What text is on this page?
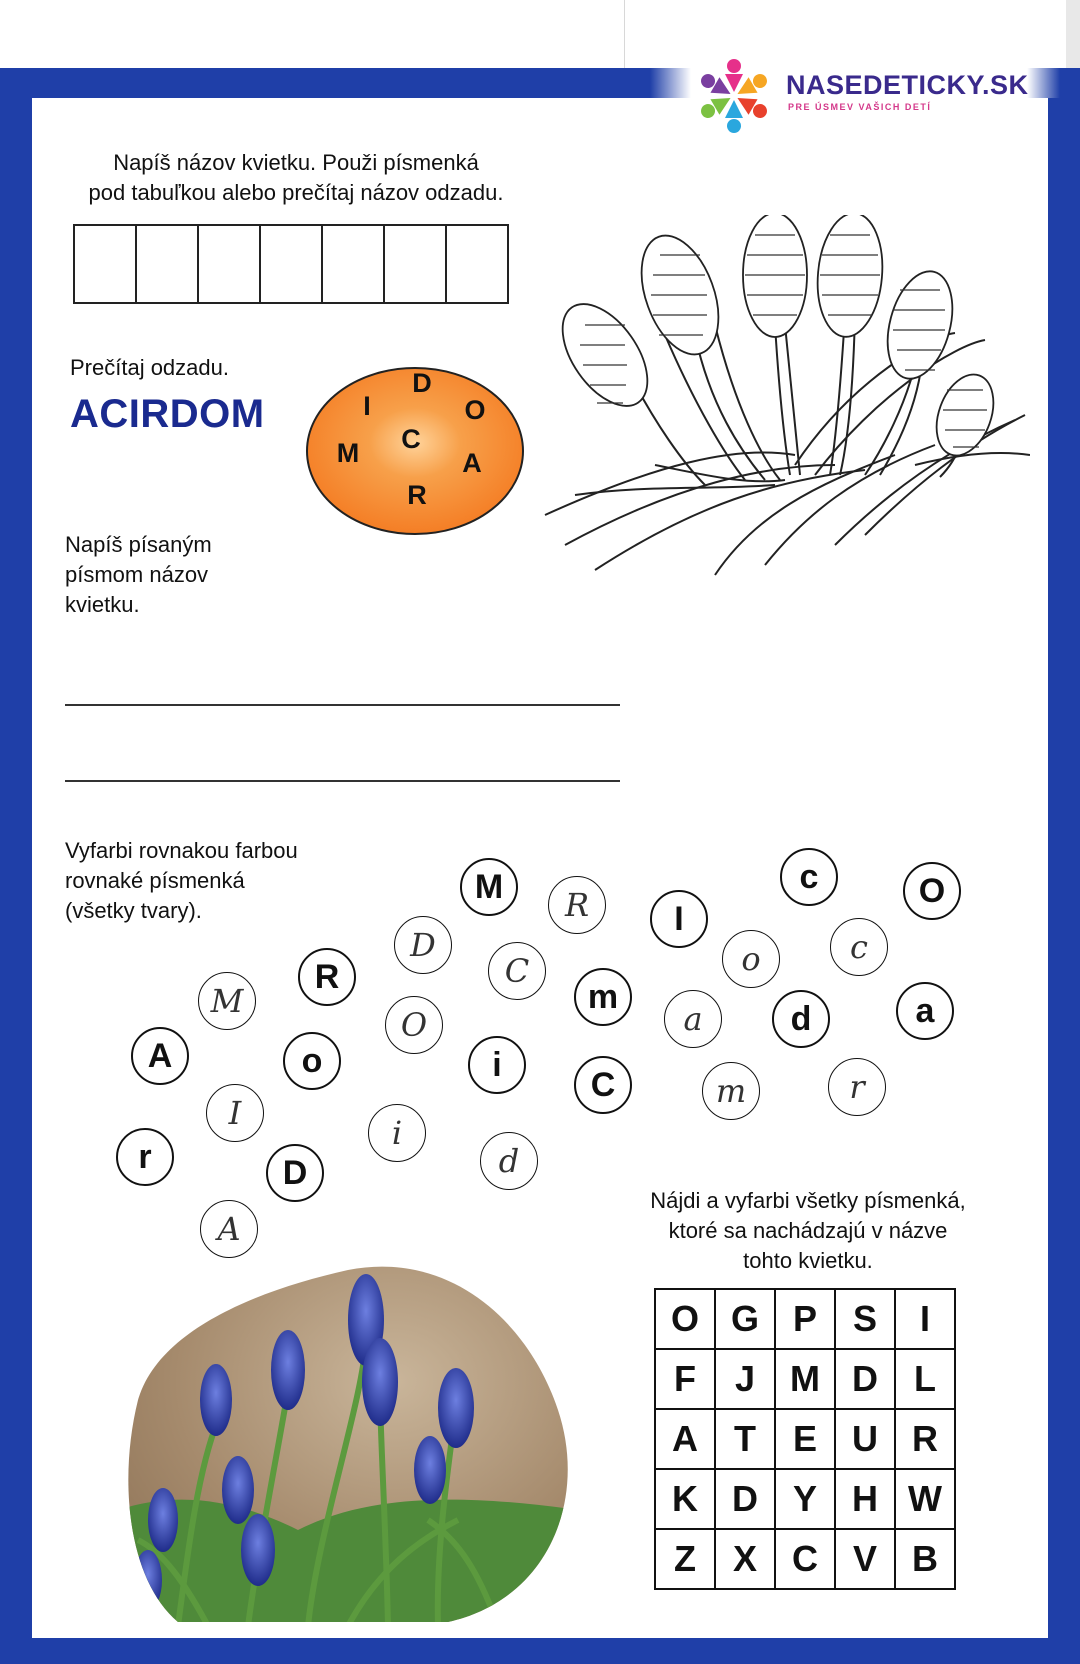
NASEDETICKY.SK
PRE ÚSMEV VAŠICH DETÍ
Napíš názov kvietku. Použi písmenká
pod tabuľkou alebo prečítaj názov odzadu.
Prečítaj odzadu.
ACIRDOM
D
I	O
C
M	A
R
Napíš písaným
písmom názov
kvietku.
Vyfarbi rovnakou farbou
rovnaké písmenká
(všetky tvary).
M R	I
c	O
D	o	c
R	C
m
M
O	a	d	a
A	o	i
C	m	r
I
i
r	D	d
A
Nájdi a vyfarbi všetky písmenká,
ktoré sa nachádzajú v názve
tohto kvietku.
O	G	P	S	I
F	J	M	D	L
A	T	E	U	R
K	D	Y	H	W
Z	X	C	V	B
